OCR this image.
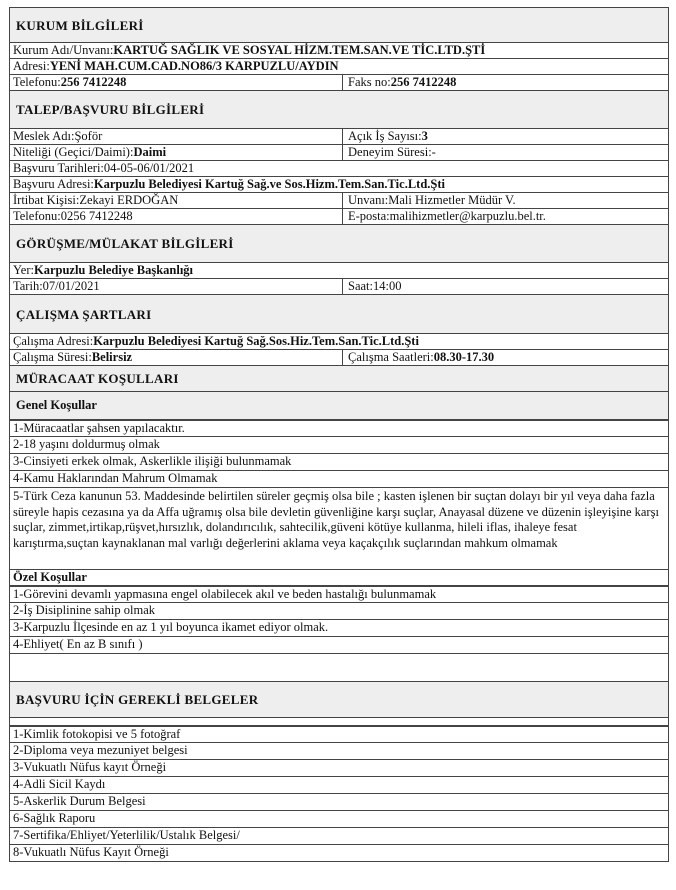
KURUM BİLGİLERİ
Kurum Adı/Unvanı:KARTUĞ SAĞLIK VE SOSYAL HİZM.TEM.SAN.VE TİC.LTD.ŞTİ
Adresi:YENİ MAH.CUM.CAD.NO86/3 KARPUZLU/AYDIN
Telefonu:256 7412248	Faks no:256 7412248
TALEP/BAŞVURU BİLGİLERİ
Meslek Adı:Şoför	Açık İş Sayısı:3
Niteliği (Geçici/Daimi):Daimi	Deneyim Süresi:-
Başvuru Tarihleri:04-05-06/01/2021
Başvuru Adresi:Karpuzlu Belediyesi Kartuğ Sağ.ve Sos.Hizm.Tem.San.Tic.Ltd.Şti
İrtibat Kişisi:Zekayi ERDOĞAN	Unvanı:Mali Hizmetler Müdür V.
Telefonu:0256 7412248	E-posta:malihizmetler@karpuzlu.bel.tr.
GÖRÜŞME/MÜLAKAT BİLGİLERİ
Yer:Karpuzlu Belediye Başkanlığı
Tarih:07/01/2021	Saat:14:00
ÇALIŞMA ŞARTLARI
Çalışma Adresi:Karpuzlu Belediyesi Kartuğ Sağ.Sos.Hiz.Tem.San.Tic.Ltd.Şti
Çalışma Süresi:Belirsiz	Çalışma Saatleri:08.30-17.30
MÜRACAAT KOŞULLARI
Genel Koşullar
1-Müracaatlar şahsen yapılacaktır.
2-18 yaşını doldurmuş olmak
3-Cinsiyeti erkek olmak, Askerlikle ilişiği bulunmamak
4-Kamu Haklarından Mahrum Olmamak
5-Türk Ceza kanunun 53. Maddesinde belirtilen süreler geçmiş olsa bile ; kasten işlenen bir suçtan dolayı bir yıl veya daha fazla süreyle hapis cezasına ya da Affa uğramış olsa bile devletin güvenliğine karşı suçlar, Anayasal düzene ve düzenin işleyişine karşı suçlar, zimmet,irtikap,rüşvet,hırsızlık, dolandırıcılık, sahtecilik,güveni kötüye kullanma, hileli iflas, ihaleye fesat karıştırma,suçtan kaynaklanan mal varlığı değerlerini aklama veya kaçakçılık suçlarından mahkum olmamak
Özel Koşullar
1-Görevini devamlı yapmasına engel olabilecek akıl ve beden hastalığı bulunmamak
2-İş Disiplinine sahip olmak
3-Karpuzlu İlçesinde en az 1 yıl boyunca ikamet ediyor olmak.
4-Ehliyet( En az B sınıfı )
BAŞVURU İÇİN GEREKLİ BELGELER
1-Kimlik fotokopisi ve 5 fotoğraf
2-Diploma veya mezuniyet belgesi
3-Vukuatlı Nüfus kayıt Örneği
4-Adli Sicil Kaydı
5-Askerlik Durum Belgesi
6-Sağlık Raporu
7-Sertifika/Ehliyet/Yeterlilik/Ustalık Belgesi/
8-Vukuatlı Nüfus Kayıt Örneği
